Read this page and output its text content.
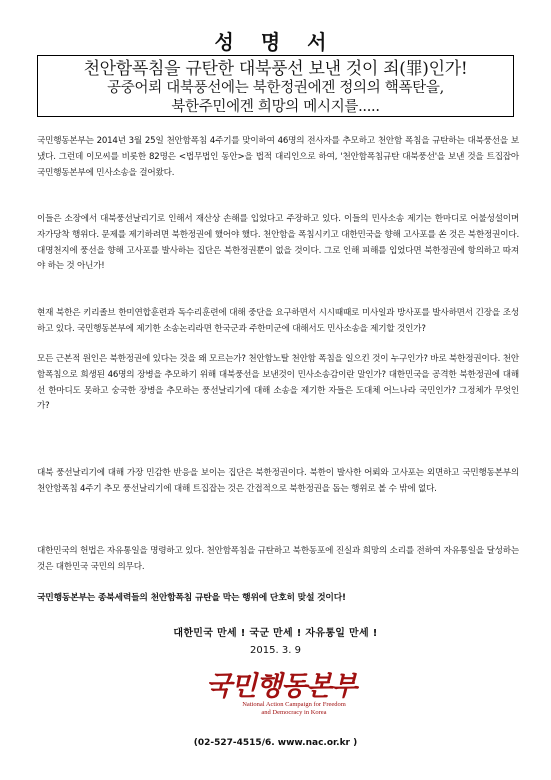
성 명 서
천안함폭침을 규탄한 대북풍선 보낸 것이 죄(罪)인가!
공중어뢰 대북풍선에는 북한정권에겐 정의의 핵폭탄을,
북한주민에겐 희망의 메시지를.....

국민행동본부는 2014년 3월 25일 천안함폭침 4주기를 맞이하여 46명의 전사자를 추모하고 천안함 폭침을 규탄하는 대북풍선을 보냈다. 그런데 이모씨를 비롯한 82명은 <법무법인 동안>을 법적 대리인으로 하여, '천안함폭침규탄 대북풍선'을 보낸 것을 트집잡아 국민행동본부에 민사소송을 걸어왔다.

이들은 소장에서 대북풍선날리기로 인해서 재산상 손해를 입었다고 주장하고 있다. 이들의 민사소송 제기는 한마디로 어불성설이며 자가당착 행위다. 문제를 제기하려면 북한정권에 했어야 했다. 천안함을 폭침시키고 대한민국을 향해 고사포를 쏜 것은 북한정권이다. 대명천지에 풍선을 향해 고사포를 발사하는 집단은 북한정권뿐이 없을 것이다. 그로 인해 피해를 입었다면 북한정권에 항의하고 따져야 하는 것 아닌가!

현재 북한은 키리졸브 한미연합훈련과 독수리훈련에 대해 중단을 요구하면서 시시때때로 미사일과 방사포를 발사하면서 긴장을 조성하고 있다. 국민행동본부에 제기한 소송논리라면 한국군과 주한미군에 대해서도 민사소송을 제기할 것인가?

모든 근본적 원인은 북한정권에 있다는 것을 왜 모르는가? 천안함노탈 천안함 폭침을 일으킨 것이 누구인가? 바로 북한정권이다. 천안함폭침으로 희생된 46명의 장병을 추모하기 위해 대북풍선을 보낸것이 민사소송감이란 말인가? 대한민국을 공격한 북한정권에 대해선 한마디도 못하고 숭국한 장병을 추모하는 풍선날리기에 대해 소송을 제기한 자들은 도대체 어느나라 국민인가? 그정체가 무엇인가?

대북 풍선날리기에 대해 가장 민감한 반응을 보이는 집단은 북한정권이다. 북한이 발사한 어뢰와 고사포는 외면하고 국민행동본부의 천안함폭침 4주기 추모 풍선날리기에 대해 트집잡는 것은 간접적으로 북한정권을 돕는 행위로 볼 수 밖에 없다.

대한민국의 헌법은 자유통일을 명령하고 있다. 천안함폭침을 규탄하고 북한동포에 진실과 희망의 소리를 전하여 자유통일을 달성하는 것은 대한민국 국민의 의무다.

국민행동본부는 종북세력들의 천안함폭침 규탄을 막는 행위에 단호히 맞설 것이다!

대한민국 만세 ! 국군 만세 ! 자유통일 만세 !
2015. 3. 9
국민행동본부
National Action Campaign for Freedom
and Democracy in Korea
(02-527-4515/6. www.nac.or.kr )
